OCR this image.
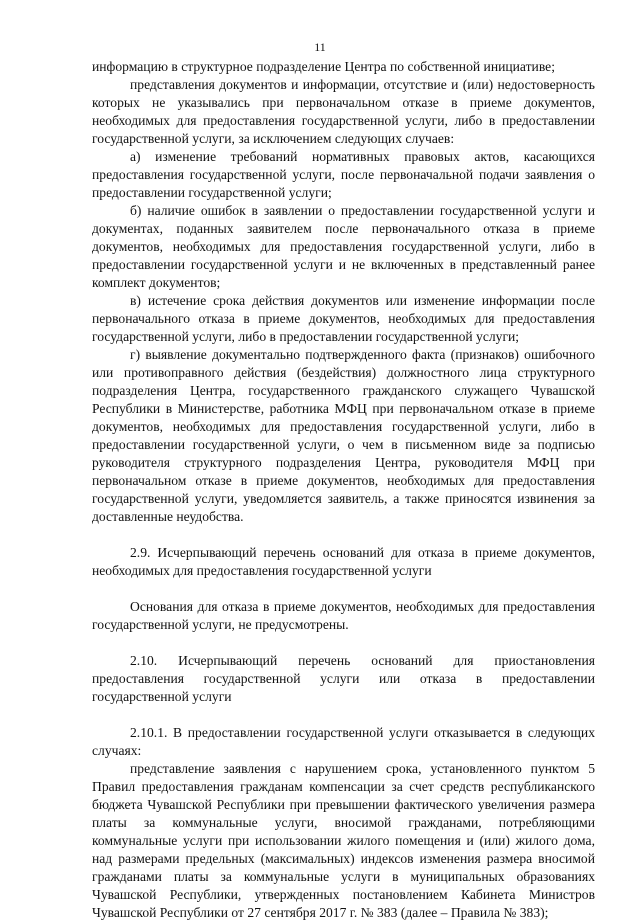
11

информацию в структурное подразделение Центра по собственной инициативе;

представления документов и информации, отсутствие и (или) недостоверность которых не указывались при первоначальном отказе в приеме документов, необходимых для предоставления государственной услуги, либо в предоставлении государственной услуги, за исключением следующих случаев:

а) изменение требований нормативных правовых актов, касающихся предоставления государственной услуги, после первоначальной подачи заявления о предоставлении государственной услуги;

б) наличие ошибок в заявлении о предоставлении государственной услуги и документах, поданных заявителем после первоначального отказа в приеме документов, необходимых для предоставления государственной услуги, либо в предоставлении государственной услуги и не включенных в представленный ранее комплект документов;

в) истечение срока действия документов или изменение информации после первоначального отказа в приеме документов, необходимых для предоставления государственной услуги, либо в предоставлении государственной услуги;

г) выявление документально подтвержденного факта (признаков) ошибочного или противоправного действия (бездействия) должностного лица структурного подразделения Центра, государственного гражданского служащего Чувашской Республики в Министерстве, работника МФЦ при первоначальном отказе в приеме документов, необходимых для предоставления государственной услуги, либо в предоставлении государственной услуги, о чем в письменном виде за подписью руководителя структурного подразделения Центра, руководителя МФЦ при первоначальном отказе в приеме документов, необходимых для предоставления государственной услуги, уведомляется заявитель, а также приносятся извинения за доставленные неудобства.

2.9. Исчерпывающий перечень оснований для отказа в приеме документов, необходимых для предоставления государственной услуги

Основания для отказа в приеме документов, необходимых для предоставления государственной услуги, не предусмотрены.

2.10. Исчерпывающий перечень оснований для приостановления предоставления государственной услуги или отказа в предоставлении государственной услуги

2.10.1. В предоставлении государственной услуги отказывается в следующих случаях:

представление заявления с нарушением срока, установленного пунктом 5 Правил предоставления гражданам компенсации за счет средств республиканского бюджета Чувашской Республики при превышении фактического увеличения размера платы за коммунальные услуги, вносимой гражданами, потребляющими коммунальные услуги при использовании жилого помещения и (или) жилого дома, над размерами предельных (максимальных) индексов изменения размера вносимой гражданами платы за коммунальные услуги в муниципальных образованиях Чувашской Республики, утвержденных постановлением Кабинета Министров Чувашской Республики от 27 сентября 2017 г. № 383 (далее – Правила № 383);
